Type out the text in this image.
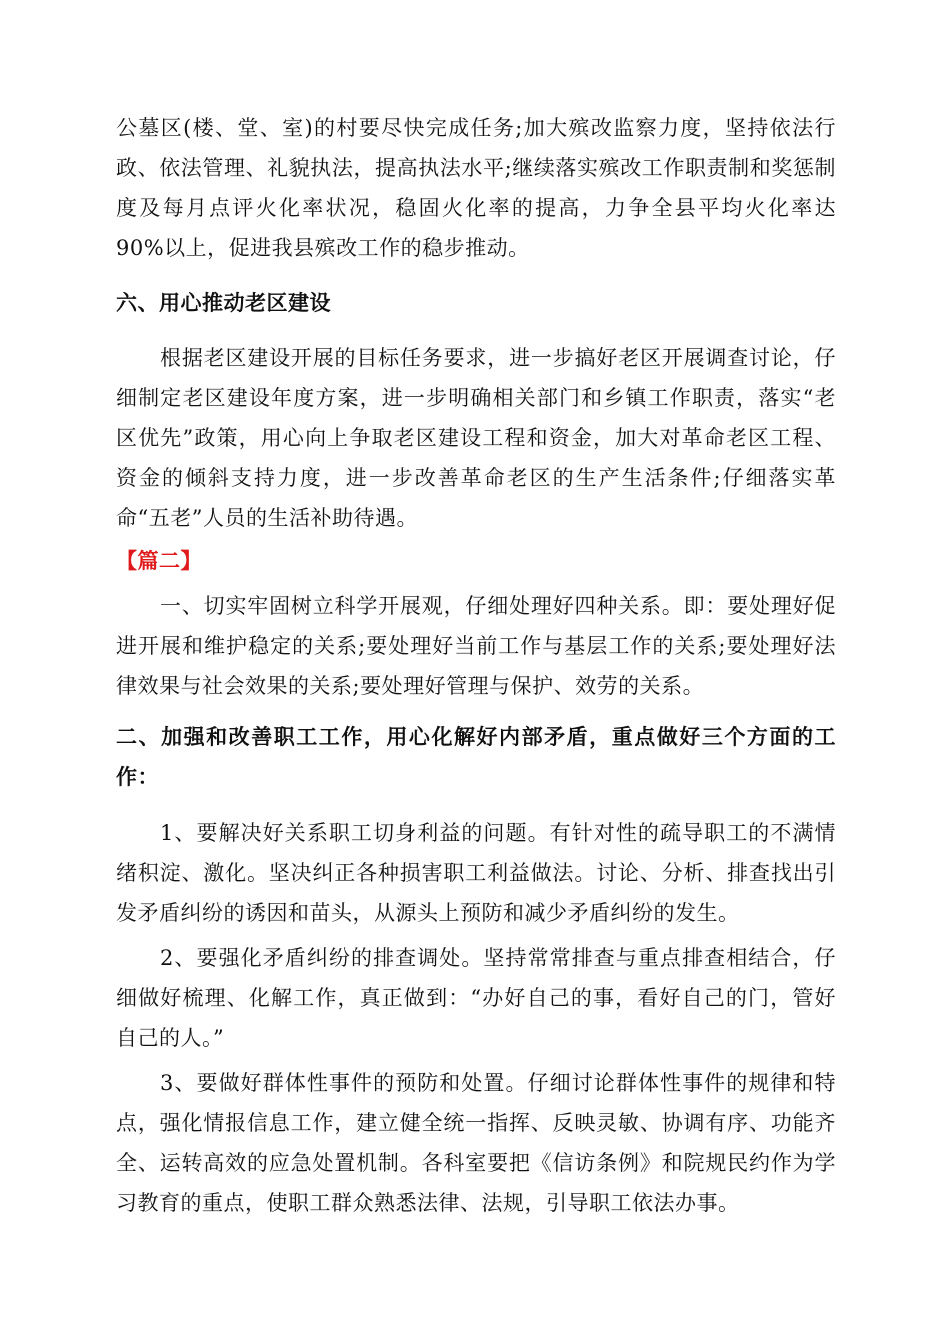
公墓区(楼、堂、室)的村要尽快完成任务;加大殡改监察力度，坚持依法行政、依法管理、礼貌执法，提高执法水平;继续落实殡改工作职责制和奖惩制度及每月点评火化率状况，稳固火化率的提高，力争全县平均火化率达 90%以上，促进我县殡改工作的稳步推动。

六、用心推动老区建设

根据老区建设开展的目标任务要求，进一步搞好老区开展调查讨论，仔细制定老区建设年度方案，进一步明确相关部门和乡镇工作职责，落实“老区优先”政策，用心向上争取老区建设工程和资金，加大对革命老区工程、资金的倾斜支持力度，进一步改善革命老区的生产生活条件;仔细落实革命“五老”人员的生活补助待遇。

【篇二】

一、切实牢固树立科学开展观，仔细处理好四种关系。即：要处理好促进开展和维护稳定的关系;要处理好当前工作与基层工作的关系;要处理好法律效果与社会效果的关系;要处理好管理与保护、效劳的关系。

二、加强和改善职工工作，用心化解好内部矛盾，重点做好三个方面的工作：

1、要解决好关系职工切身利益的问题。有针对性的疏导职工的不满情绪积淀、激化。坚决纠正各种损害职工利益做法。讨论、分析、排查找出引发矛盾纠纷的诱因和苗头，从源头上预防和减少矛盾纠纷的发生。

2、要强化矛盾纠纷的排查调处。坚持常常排查与重点排查相结合，仔细做好梳理、化解工作，真正做到：“办好自己的事，看好自己的门，管好自己的人。”

3、要做好群体性事件的预防和处置。仔细讨论群体性事件的规律和特点，强化情报信息工作，建立健全统一指挥、反映灵敏、协调有序、功能齐全、运转高效的应急处置机制。各科室要把《信访条例》和院规民约作为学习教育的重点，使职工群众熟悉法律、法规，引导职工依法办事。
